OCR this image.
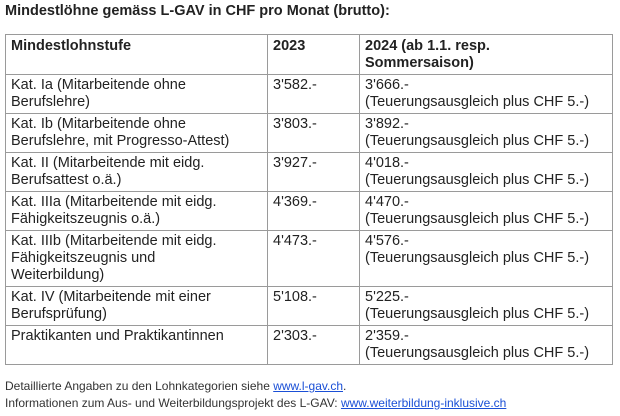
Mindestlöhne gemäss L-GAV in CHF pro Monat (brutto):
Mindestlohnstufe	2023	2024 (ab 1.1. resp.
Sommersaison)

Kat. Ia (Mitarbeitende ohne
Berufslehre)	3'582.-	3'666.-
(Teuerungsausgleich plus CHF 5.-)

Kat. Ib (Mitarbeitende ohne
Berufslehre, mit Progresso-Attest)	3'803.-	3'892.-
(Teuerungsausgleich plus CHF 5.-)

Kat. II (Mitarbeitende mit eidg.
Berufsattest o.ä.)	3'927.-	4'018.-
(Teuerungsausgleich plus CHF 5.-)

Kat. IIIa (Mitarbeitende mit eidg.
Fähigkeitszeugnis o.ä.)	4'369.-	4'470.-
(Teuerungsausgleich plus CHF 5.-)

Kat. IIIb (Mitarbeitende mit eidg.
Fähigkeitszeugnis und
Weiterbildung)	4'473.-	4'576.-
(Teuerungsausgleich plus CHF 5.-)

Kat. IV (Mitarbeitende mit einer
Berufsprüfung)	5'108.-	5'225.-
(Teuerungsausgleich plus CHF 5.-)

Praktikanten und Praktikantinnen	2'303.-	2'359.-
(Teuerungsausgleich plus CHF 5.-)
Detaillierte Angaben zu den Lohnkategorien siehe www.l-gav.ch.
Informationen zum Aus- und Weiterbildungsprojekt des L-GAV: www.weiterbildung-inklusive.ch
